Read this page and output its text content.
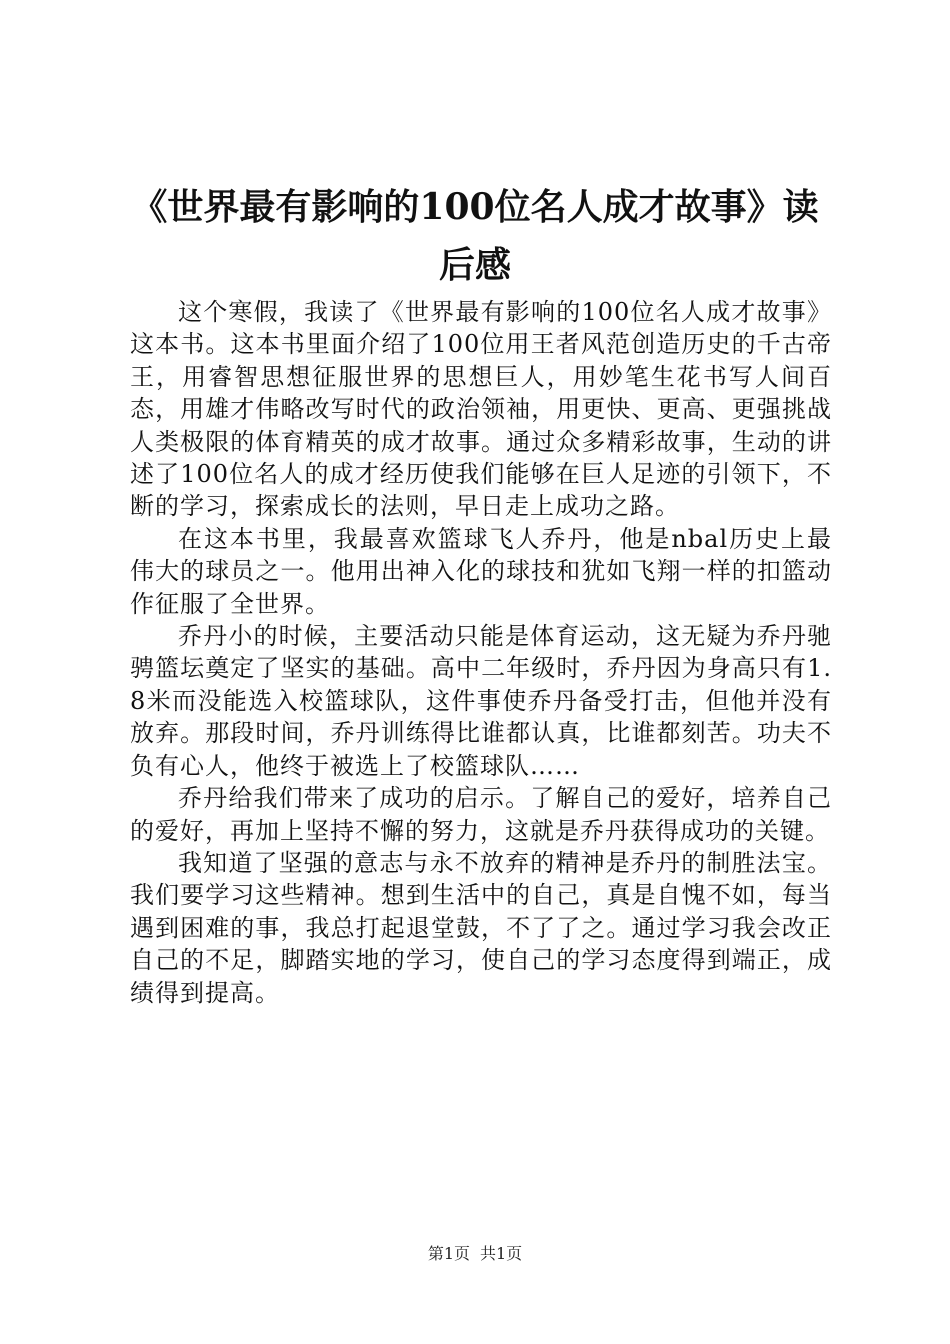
《世界最有影响的100位名人成才故事》读后感

这个寒假，我读了《世界最有影响的100位名人成才故事》这本书。这本书里面介绍了100位用王者风范创造历史的千古帝王，用睿智思想征服世界的思想巨人，用妙笔生花书写人间百态，用雄才伟略改写时代的政治领袖，用更快、更高、更强挑战人类极限的体育精英的成才故事。通过众多精彩故事，生动的讲述了100位名人的成才经历使我们能够在巨人足迹的引领下，不断的学习，探索成长的法则，早日走上成功之路。

在这本书里，我最喜欢篮球飞人乔丹，他是nbal历史上最伟大的球员之一。他用出神入化的球技和犹如飞翔一样的扣篮动作征服了全世界。

乔丹小的时候，主要活动只能是体育运动，这无疑为乔丹驰骋篮坛奠定了坚实的基础。高中二年级时，乔丹因为身高只有1.8米而没能选入校篮球队，这件事使乔丹备受打击，但他并没有放弃。那段时间，乔丹训练得比谁都认真，比谁都刻苦。功夫不负有心人，他终于被选上了校篮球队……

乔丹给我们带来了成功的启示。了解自己的爱好，培养自己的爱好，再加上坚持不懈的努力，这就是乔丹获得成功的关键。

我知道了坚强的意志与永不放弃的精神是乔丹的制胜法宝。我们要学习这些精神。想到生活中的自己，真是自愧不如，每当遇到困难的事，我总打起退堂鼓，不了了之。通过学习我会改正自己的不足，脚踏实地的学习，使自己的学习态度得到端正，成绩得到提高。

第1页 共1页
